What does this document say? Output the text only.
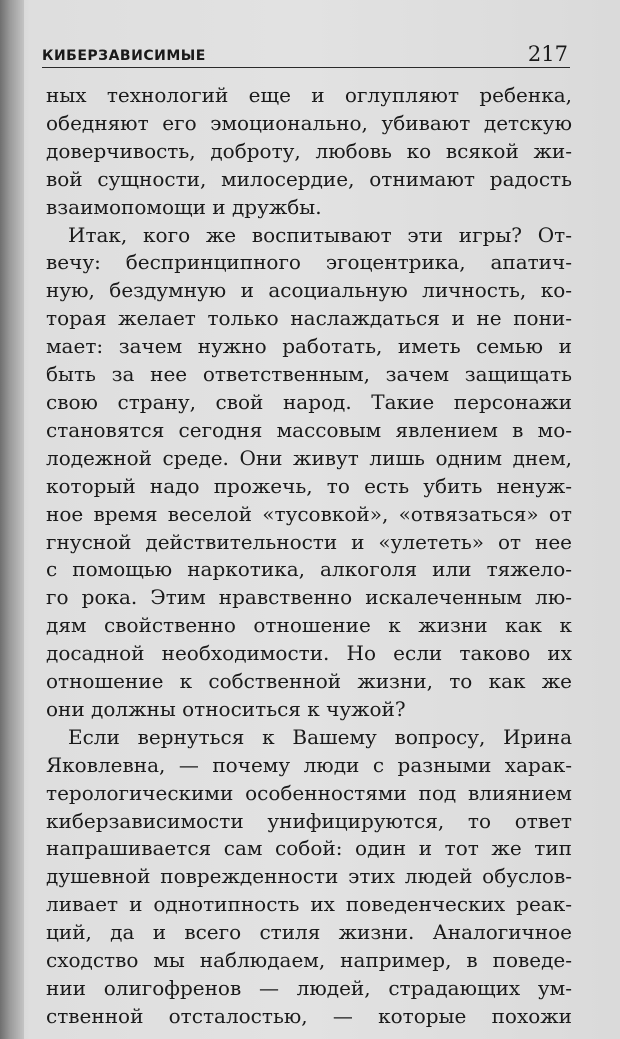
КИБЕРЗАВИСИМЫЕ	217

ных технологий еще и оглупляют ребенка,
обедняют его эмоционально, убивают детскую
доверчивость, доброту, любовь ко всякой жи-
вой сущности, милосердие, отнимают радость
взаимопомощи и дружбы.

Итак, кого же воспитывают эти игры? От-
вечу: беспринципного эгоцентрика, апатич-
ную, бездумную и асоциальную личность, ко-
торая желает только наслаждаться и не пони-
мает: зачем нужно работать, иметь семью и
быть за нее ответственным, зачем защищать
свою страну, свой народ. Такие персонажи
становятся сегодня массовым явлением в мо-
лодежной среде. Они живут лишь одним днем,
который надо прожечь, то есть убить ненуж-
ное время веселой «тусовкой», «отвязаться» от
гнусной действительности и «улететь» от нее
с помощью наркотика, алкоголя или тяжело-
го рока. Этим нравственно искалеченным лю-
дям свойственно отношение к жизни как к
досадной необходимости. Но если таково их
отношение к собственной жизни, то как же
они должны относиться к чужой?

Если вернуться к Вашему вопросу, Ирина
Яковлевна, — почему люди с разными харак-
терологическими особенностями под влиянием
киберзависимости унифицируются, то ответ
напрашивается сам собой: один и тот же тип
душевной поврежденности этих людей обуслов-
ливает и однотипность их поведенческих реак-
ций, да и всего стиля жизни. Аналогичное
сходство мы наблюдаем, например, в поведе-
нии олигофренов — людей, страдающих ум-
ственной отсталостью, — которые похожи
